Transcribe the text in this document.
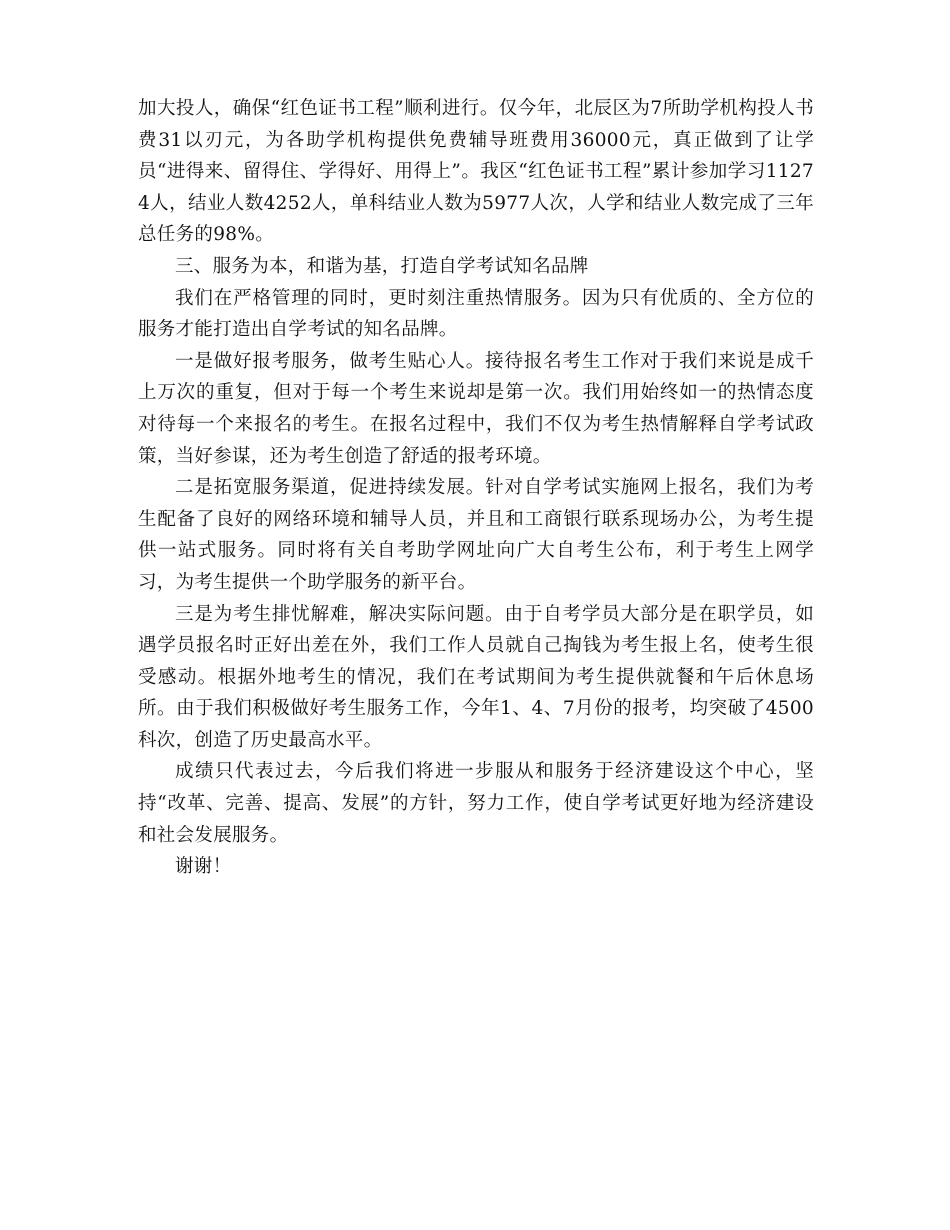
加大投人，确保“红色证书工程”顺利进行。仅今年，北辰区为7所助学机构投人书费31以刃元，为各助学机构提供免费辅导班费用36000元，真正做到了让学员“进得来、留得住、学得好、用得上”。我区“红色证书工程”累计参加学习11274人，结业人数4252人，单科结业人数为5977人次，人学和结业人数完成了三年总任务的98%。

三、服务为本，和谐为基，打造自学考试知名品牌

我们在严格管理的同时，更时刻注重热情服务。因为只有优质的、全方位的服务才能打造出自学考试的知名品牌。

一是做好报考服务，做考生贴心人。接待报名考生工作对于我们来说是成千上万次的重复，但对于每一个考生来说却是第一次。我们用始终如一的热情态度对待每一个来报名的考生。在报名过程中，我们不仅为考生热情解释自学考试政策，当好参谋，还为考生创造了舒适的报考环境。

二是拓宽服务渠道，促进持续发展。针对自学考试实施网上报名，我们为考生配备了良好的网络环境和辅导人员，并且和工商银行联系现场办公，为考生提供一站式服务。同时将有关自考助学网址向广大自考生公布，利于考生上网学习，为考生提供一个助学服务的新平台。

三是为考生排忧解难，解决实际问题。由于自考学员大部分是在职学员，如遇学员报名时正好出差在外，我们工作人员就自己掏钱为考生报上名，使考生很受感动。根据外地考生的情况，我们在考试期间为考生提供就餐和午后休息场所。由于我们积极做好考生服务工作，今年1、4、7月份的报考，均突破了4500科次，创造了历史最高水平。

成绩只代表过去，今后我们将进一步服从和服务于经济建设这个中心，坚持“改革、完善、提高、发展”的方针，努力工作，使自学考试更好地为经济建设和社会发展服务。

谢谢！
